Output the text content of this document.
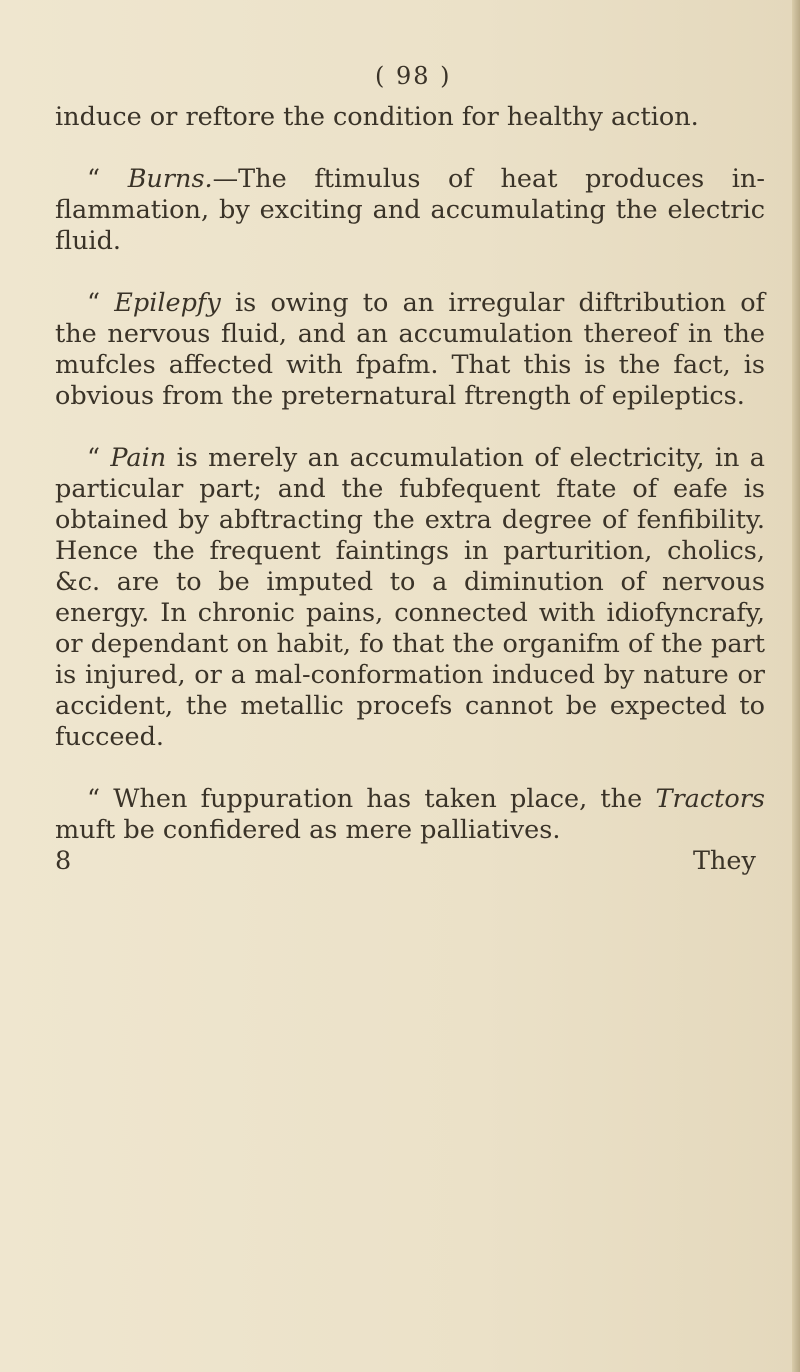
( 98 )

induce or reftore the condition for healthy action.

“ Burns.—The ftimulus of heat produces in-flammation, by exciting and accumulating the electric fluid.

“ Epilepfy is owing to an irregular diftribution of the nervous fluid, and an accumulation thereof in the mufcles affected with fpafm. That this is the fact, is obvious from the preternatural ftrength of epileptics.

“ Pain is merely an accumulation of electricity, in a particular part; and the fubfequent ftate of eafe is obtained by abftracting the extra degree of fenfibility. Hence the frequent faintings in parturition, cholics, &c. are to be imputed to a diminution of nervous energy. In chronic pains, connected with idiofyncrafy, or dependant on habit, fo that the organifm of the part is injured, or a mal-conformation induced by nature or accident, the metallic procefs cannot be expected to fucceed.

“ When fuppuration has taken place, the Tractors muft be confidered as mere palliatives.

8	They
